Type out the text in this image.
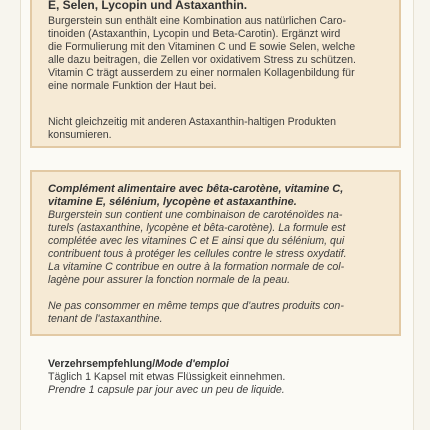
E, Selen, Lycopin und Astaxanthin.

Burgerstein sun enthält eine Kombination aus natürlichen Caro-
tinoiden (Astaxanthin, Lycopin und Beta-Carotin). Ergänzt wird
die Formulierung mit den Vitaminen C und E sowie Selen, welche
alle dazu beitragen, die Zellen vor oxidativem Stress zu schützen.
Vitamin C trägt ausserdem zu einer normalen Kollagenbildung für
eine normale Funktion der Haut bei.

Nicht gleichzeitig mit anderen Astaxanthin-haltigen Produkten
konsumieren.

Complément alimentaire avec bêta-carotène, vitamine C,
vitamine E, sélénium, lycopène et astaxanthine.

Burgerstein sun contient une combinaison de caroténoïdes na-
turels (astaxanthine, lycopène et bêta-carotène). La formule est
complétée avec les vitamines C et E ainsi que du sélénium, qui
contribuent tous à protéger les cellules contre le stress oxydatif.
La vitamine C contribue en outre à la formation normale de col-
lagène pour assurer la fonction normale de la peau.

Ne pas consommer en même temps que d'autres produits con-
tenant de l'astaxanthine.

Verzehrsempfehlung/Mode d'emploi

Täglich 1 Kapsel mit etwas Flüssigkeit einnehmen.
Prendre 1 capsule par jour avec un peu de liquide.
